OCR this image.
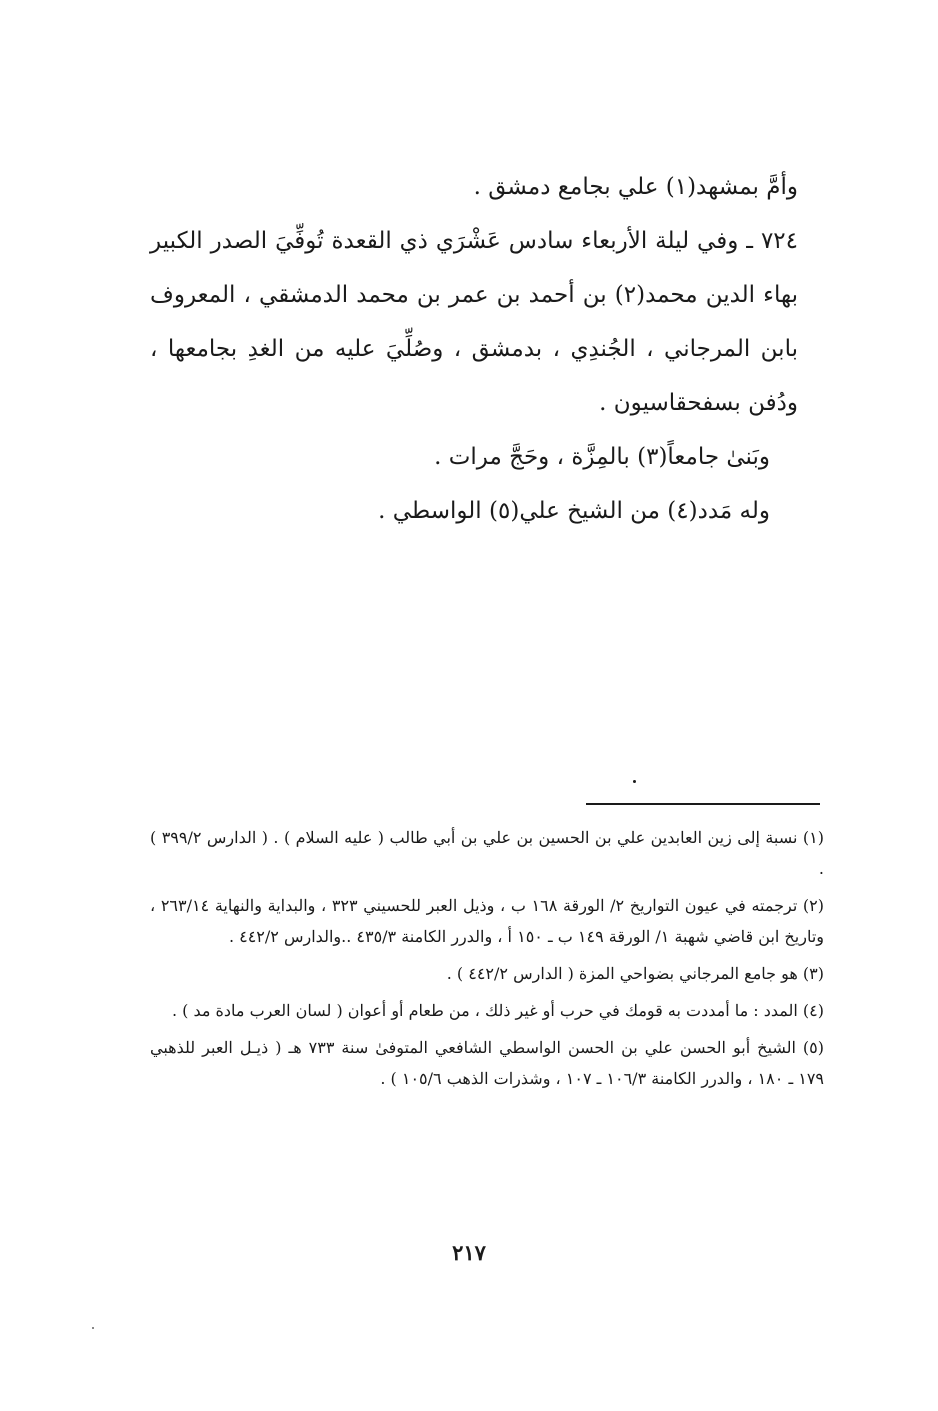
وأمَّ بمشهد(١) علي بجامع دمشق .

٧٢٤ ـ وفي ليلة الأربعاء سادس عَشْرَي ذي القعدة تُوفِّيَ الصدر الكبير بهاء الدين محمد(٢) بن أحمد بن عمر بن محمد الدمشقي ، المعروف بابن المرجاني ، الجُندِي ، بدمشق ، وصُلِّيَ عليه من الغدِ بجامعها ، ودُفن بسفحقاسيون .

وبَنىٰ جامعاً(٣) بالمِزَّة ، وحَجَّ مرات .

وله مَدد(٤) من الشيخ علي(٥) الواسطي .

(١) نسبة إلى زين العابدين علي بن الحسين بن علي بن أبي طالب ( عليه السلام ) . ( الدارس ٣٩٩/٢ ) .

(٢) ترجمته في عيون التواريخ ٢/ الورقة ١٦٨ ب ، وذيل العبر للحسيني ٣٢٣ ، والبداية والنهاية ٢٦٣/١٤ ، وتاريخ ابن قاضي شهبة ١/ الورقة ١٤٩ ب ـ ١٥٠ أ ، والدرر الكامنة ٤٣٥/٣ ..والدارس ٤٤٢/٢ .

(٣) هو جامع المرجاني بضواحي المزة ( الدارس ٤٤٢/٢ ) .

(٤) المدد : ما أمددت به قومك في حرب أو غير ذلك ، من طعام أو أعوان ( لسان العرب مادة مد ) .

(٥) الشيخ أبو الحسن علي بن الحسن الواسطي الشافعي المتوفىٰ سنة ٧٣٣ هـ ( ذيـل العبر للذهبي ١٧٩ ـ ١٨٠ ، والدرر الكامنة ١٠٦/٣ ـ ١٠٧ ، وشذرات الذهب ١٠٥/٦ ) .

٢١٧
